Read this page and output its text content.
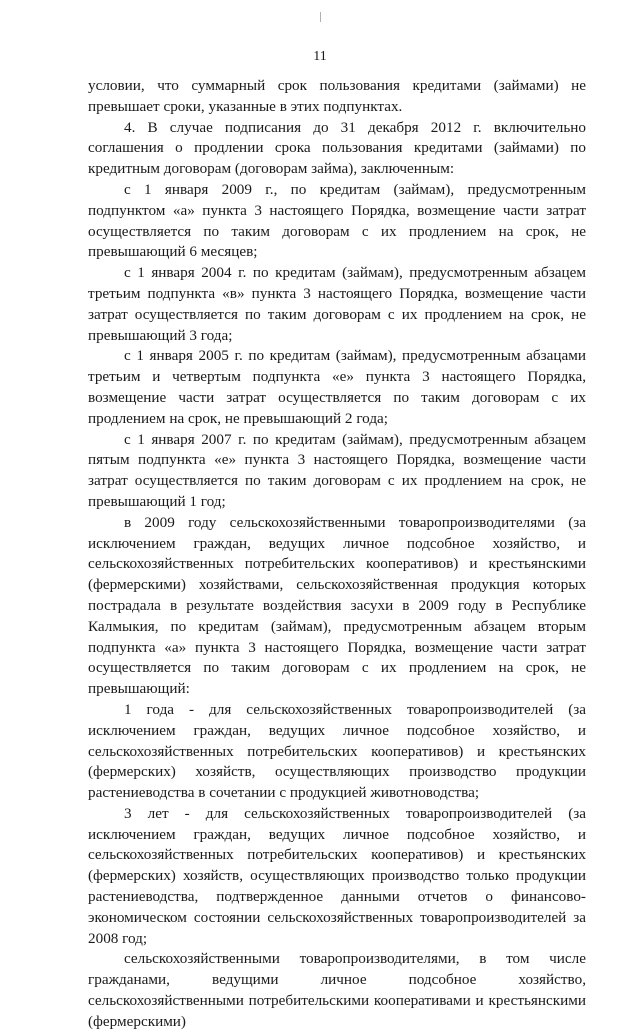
11

условии, что суммарный срок пользования кредитами (займами) не превышает сроки, указанные в этих подпунктах.

4. В случае подписания до 31 декабря 2012 г. включительно соглашения о продлении срока пользования кредитами (займами) по кредитным договорам (договорам займа), заключенным:

с 1 января 2009 г., по кредитам (займам), предусмотренным подпунктом «а» пункта 3 настоящего Порядка, возмещение части затрат осуществляется по таким договорам с их продлением на срок, не превышающий 6 месяцев;

с 1 января 2004 г. по кредитам (займам), предусмотренным абзацем третьим подпункта «в» пункта 3 настоящего Порядка, возмещение части затрат осуществляется по таким договорам с их продлением на срок, не превышающий 3 года;

с 1 января 2005 г. по кредитам (займам), предусмотренным абзацами третьим и четвертым подпункта «е» пункта 3 настоящего Порядка, возмещение части затрат осуществляется по таким договорам с их продлением на срок, не превышающий 2 года;

с 1 января 2007 г. по кредитам (займам), предусмотренным абзацем пятым подпункта «е» пункта 3 настоящего Порядка, возмещение части затрат осуществляется по таким договорам с их продлением на срок, не превышающий 1 год;

в 2009 году сельскохозяйственными товаропроизводителями (за исключением граждан, ведущих личное подсобное хозяйство, и сельскохозяйственных потребительских кооперативов) и крестьянскими (фермерскими) хозяйствами, сельскохозяйственная продукция которых пострадала в результате воздействия засухи в 2009 году в Республике Калмыкия, по кредитам (займам), предусмотренным абзацем вторым подпункта «а» пункта 3 настоящего Порядка, возмещение части затрат осуществляется по таким договорам с их продлением на срок, не превышающий:

1 года - для сельскохозяйственных товаропроизводителей (за исключением граждан, ведущих личное подсобное хозяйство, и сельскохозяйственных потребительских кооперативов) и крестьянских (фермерских) хозяйств, осуществляющих производство продукции растениеводства в сочетании с продукцией животноводства;

3 лет - для сельскохозяйственных товаропроизводителей (за исключением граждан, ведущих личное подсобное хозяйство, и сельскохозяйственных потребительских кооперативов) и крестьянских (фермерских) хозяйств, осуществляющих производство только продукции растениеводства, подтвержденное данными отчетов о финансово-экономическом состоянии сельскохозяйственных товаропроизводителей за 2008 год;

сельскохозяйственными товаропроизводителями, в том числе гражданами, ведущими личное подсобное хозяйство, сельскохозяйственными потребительскими кооперативами и крестьянскими (фермерскими)
